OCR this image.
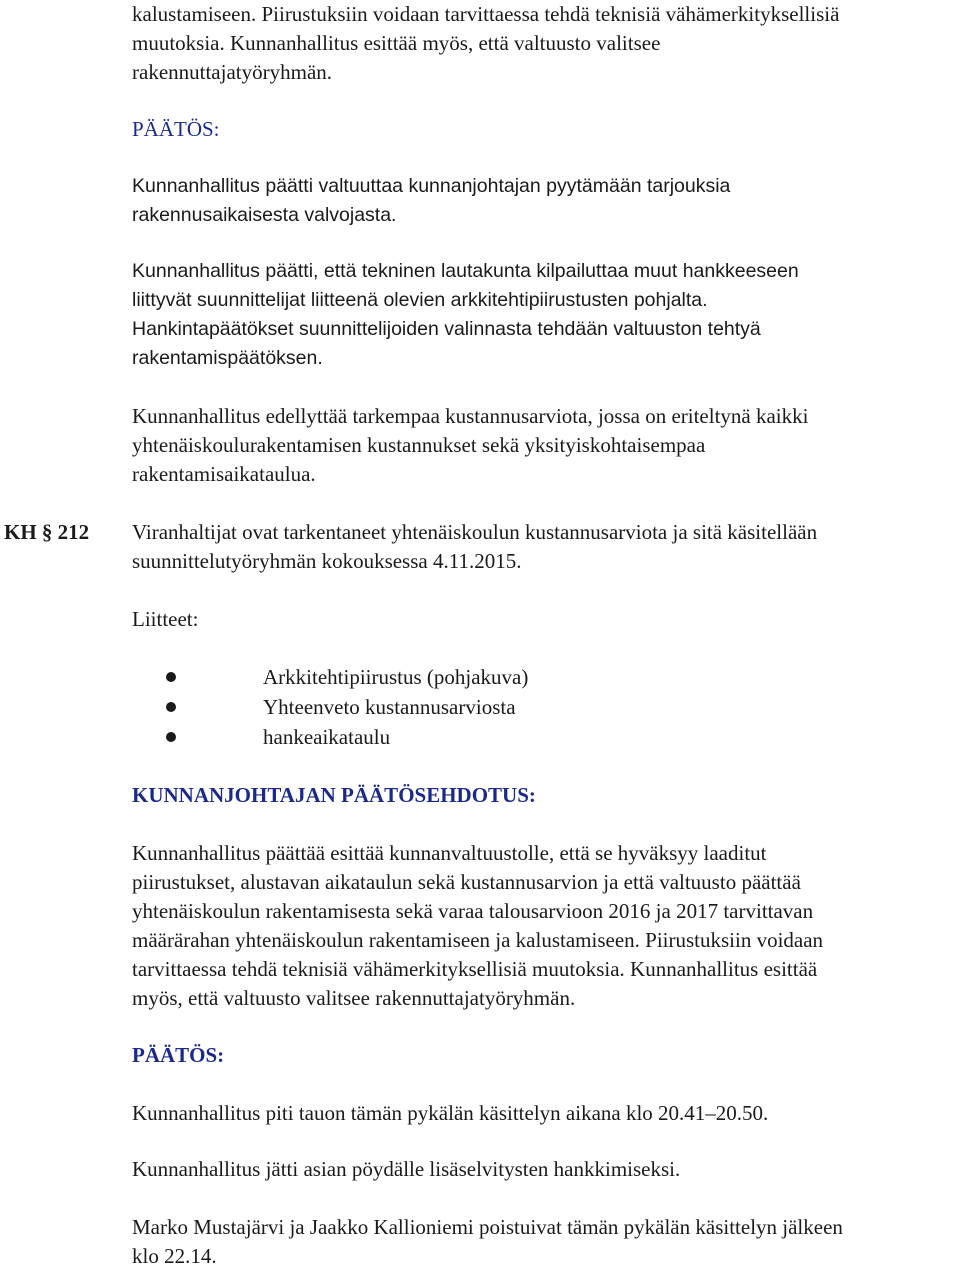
kalustamiseen. Piirustuksiin voidaan tarvittaessa tehdä teknisiä vähämerkityksellisiä
muutoksia. Kunnanhallitus esittää myös, että valtuusto valitsee
rakennuttajatyöryhmän.

PÄÄTÖS:

Kunnanhallitus päätti valtuuttaa kunnanjohtajan pyytämään tarjouksia
rakennusaikaisesta valvojasta.

Kunnanhallitus päätti, että tekninen lautakunta kilpailuttaa muut hankkeeseen
liittyvät suunnittelijat liitteenä olevien arkkitehtipiirustusten pohjalta.
Hankintapäätökset suunnittelijoiden valinnasta tehdään valtuuston tehtyä
rakentamispäätöksen.

Kunnanhallitus edellyttää tarkempaa kustannusarviota, jossa on eriteltynä kaikki
yhtenäiskoulurakentamisen kustannukset sekä yksityiskohtaisempaa
rakentamisaikataulua.

KH § 212 Viranhaltijat ovat tarkentaneet yhtenäiskoulun kustannusarviota ja sitä käsitellään
suunnittelutyöryhmän kokouksessa 4.11.2015.

Liitteet:

Arkkitehtipiirustus (pohjakuva)
Yhteenveto kustannusarviosta
hankeaikataulu

KUNNANJOHTAJAN PÄÄTÖSEHDOTUS:

Kunnanhallitus päättää esittää kunnanvaltuustolle, että se hyväksyy laaditut
piirustukset, alustavan aikataulun sekä kustannusarvion ja että valtuusto päättää
yhtenäiskoulun rakentamisesta sekä varaa talousarvioon 2016 ja 2017 tarvittavan
määrärahan yhtenäiskoulun rakentamiseen ja kalustamiseen. Piirustuksiin voidaan
tarvittaessa tehdä teknisiä vähämerkityksellisiä muutoksia. Kunnanhallitus esittää
myös, että valtuusto valitsee rakennuttajatyöryhmän.

PÄÄTÖS:

Kunnanhallitus piti tauon tämän pykälän käsittelyn aikana klo 20.41–20.50.

Kunnanhallitus jätti asian pöydälle lisäselvitysten hankkimiseksi.

Marko Mustajärvi ja Jaakko Kallioniemi poistuivat tämän pykälän käsittelyn jälkeen
klo 22.14.
